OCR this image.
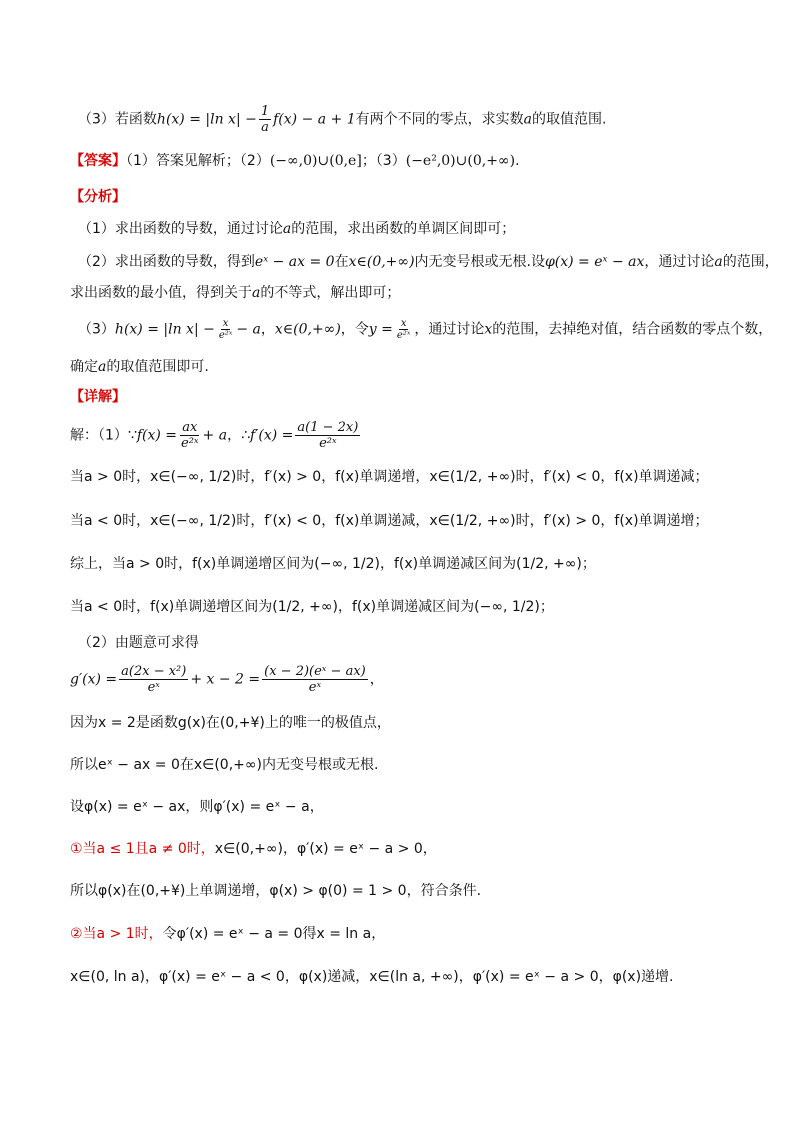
（3）若函数h(x) = |ln $x| - \frac{1}{a} f(x) - a + 1$有两个不同的零点，求实数a的取值范围.
【答案】（1）答案见解析；（2）(−∞,0)∪(0,e]；（3）(−e²,0)∪(0,+∞).
【分析】
（1）求出函数的导数，通过讨论a的范围，求出函数的单调区间即可；
（2）求出函数的导数，得到eˣ − ax = 0在x∈(0,+∞)内无变号根或无根.设φ(x) = eˣ − ax，通过讨论a的范围，
求出函数的最小值，得到关于a的不等式，解出即可；
（3）h(x) = |ln $x| - \frac{x}{\text{e²ˣ}} - a$，x∈(0,+∞)，令$y = \frac{x}{\text{e²ˣ}}$ ，通过讨论x的范围，去掉绝对值，结合函数的零点个数，
确定a的取值范围即可.
【详解】
解：（1）∵f(x) = $\frac{ax}{\text{e²ˣ}} + a$，∴f′(x) = $\frac{a(1 - 2x)}{\text{e²ˣ}}$
当a > 0时，x∈(−∞, 1/2)时，f′(x) > 0，f(x)单调递增，x∈(1/2, +∞)时，f′(x) < 0，f(x)单调递减；
当a < 0时，x∈(−∞, 1/2)时，f′(x) < 0，f(x)单调递减，x∈(1/2, +∞)时，f′(x) > 0，f(x)单调递增；
综上，当a > 0时，f(x)单调递增区间为(−∞, 1/2)，f(x)单调递减区间为(1/2, +∞)；
当a < 0时，f(x)单调递增区间为(1/2, +∞)，f(x)单调递减区间为(−∞, 1/2)；
（2）由题意可求得
$g'(x) = \frac{\text{a(2x − x²)}}{\text{eˣ}} + x - 2 = \frac{\text{(x − 2)(eˣ − ax)}}{\text{eˣ}}$ ，
因为x = 2是函数g(x)在(0,+¥)上的唯一的极值点，
所以eˣ − ax = 0在x∈(0,+∞)内无变号根或无根.
设φ(x) = eˣ − ax，则φ′(x) = eˣ − a，
①当a ≤ 1且a ≠ 0时，x∈(0,+∞)，φ′(x) = eˣ − a > 0，
所以φ(x)在(0,+¥)上单调递增，φ(x) > φ(0) = 1 > 0，符合条件.
②当a > 1时，令φ′(x) = eˣ − a = 0得x = ln a，
x∈(0, ln a)，φ′(x) = eˣ − a < 0，φ(x)递减，x∈(ln a, +∞)，φ′(x) = eˣ − a > 0，φ(x)递增.
